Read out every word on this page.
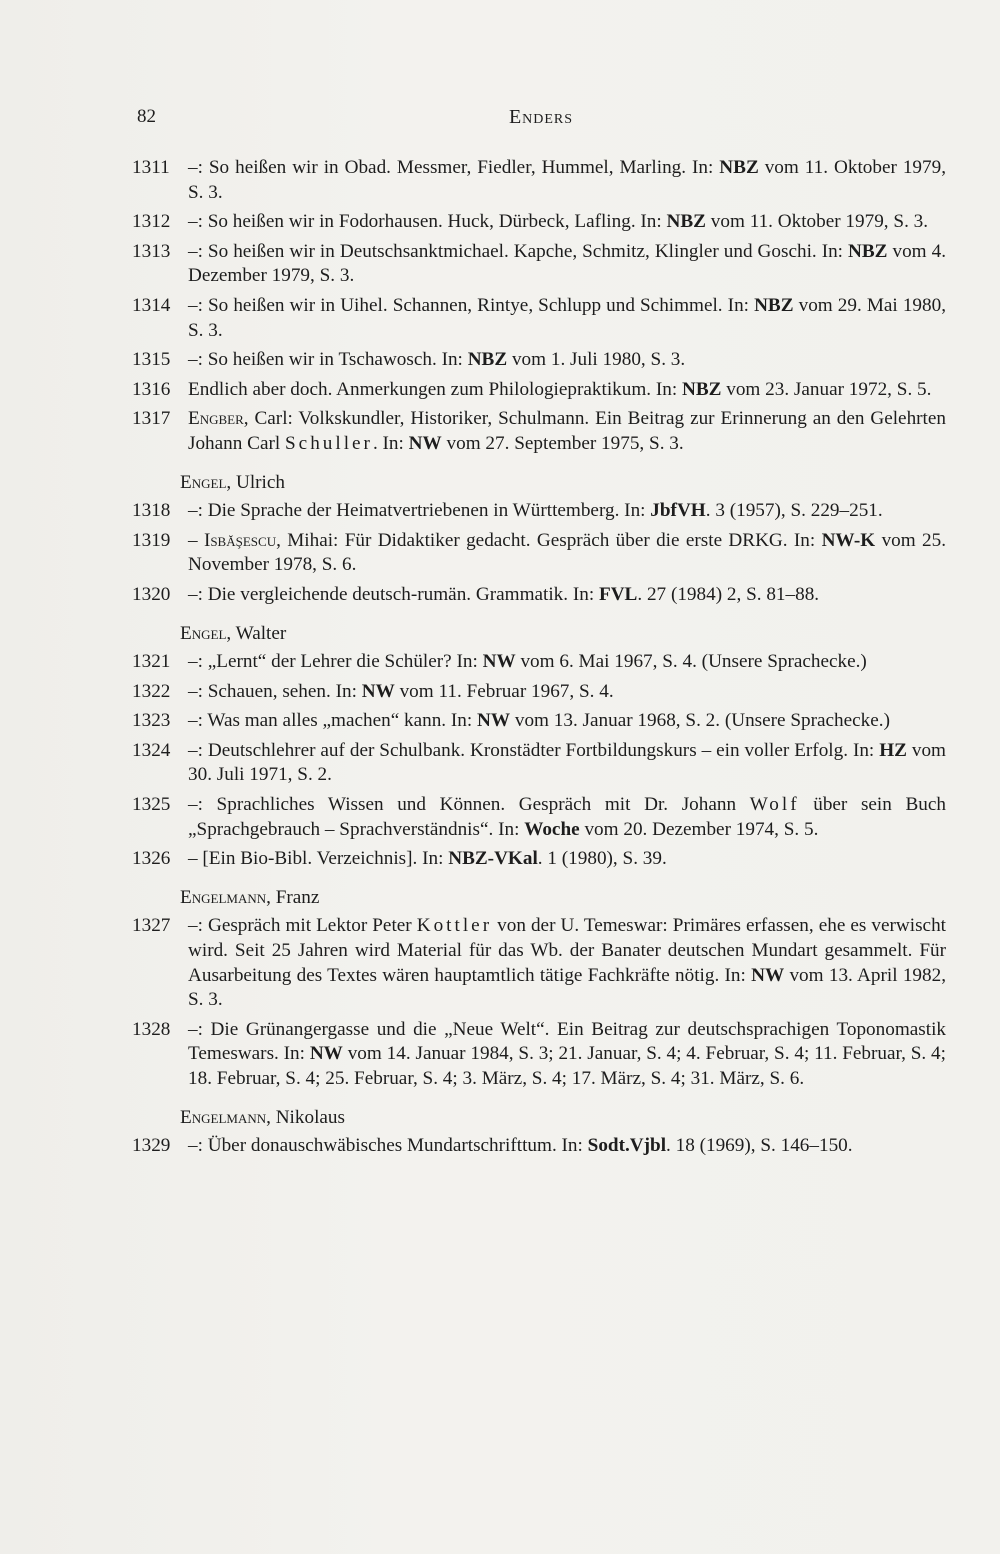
82	Enders
1311 –: So heißen wir in Obad. Messmer, Fiedler, Hummel, Marling. In: NBZ vom 11. Oktober 1979, S. 3.
1312 –: So heißen wir in Fodorhausen. Huck, Dürbeck, Lafling. In: NBZ vom 11. Oktober 1979, S. 3.
1313 –: So heißen wir in Deutschsanktmichael. Kapche, Schmitz, Klingler und Goschi. In: NBZ vom 4. Dezember 1979, S. 3.
1314 –: So heißen wir in Uihel. Schannen, Rintye, Schlupp und Schimmel. In: NBZ vom 29. Mai 1980, S. 3.
1315 –: So heißen wir in Tschawosch. In: NBZ vom 1. Juli 1980, S. 3.
1316 Endlich aber doch. Anmerkungen zum Philologiepraktikum. In: NBZ vom 23. Januar 1972, S. 5.
1317 Engber, Carl: Volkskundler, Historiker, Schulmann. Ein Beitrag zur Erinnerung an den Gelehrten Johann Carl Schuller. In: NW vom 27. September 1975, S. 3.
Engel, Ulrich
1318 –: Die Sprache der Heimatvertriebenen in Württemberg. In: JbfVH. 3 (1957), S. 229–251.
1319 – Isbăşescu, Mihai: Für Didaktiker gedacht. Gespräch über die erste DRKG. In: NW-K vom 25. November 1978, S. 6.
1320 –: Die vergleichende deutsch-rumän. Grammatik. In: FVL. 27 (1984) 2, S. 81–88.
Engel, Walter
1321 –: „Lernt“ der Lehrer die Schüler? In: NW vom 6. Mai 1967, S. 4. (Unsere Sprachecke.)
1322 –: Schauen, sehen. In: NW vom 11. Februar 1967, S. 4.
1323 –: Was man alles „machen“ kann. In: NW vom 13. Januar 1968, S. 2. (Unsere Sprachecke.)
1324 –: Deutschlehrer auf der Schulbank. Kronstädter Fortbildungskurs – ein voller Erfolg. In: HZ vom 30. Juli 1971, S. 2.
1325 –: Sprachliches Wissen und Können. Gespräch mit Dr. Johann Wolf über sein Buch „Sprachgebrauch – Sprachverständnis“. In: Woche vom 20. Dezember 1974, S. 5.
1326 – [Ein Bio-Bibl. Verzeichnis]. In: NBZ-VKal. 1 (1980), S. 39.
Engelmann, Franz
1327 –: Gespräch mit Lektor Peter Kottler von der U. Temeswar: Primäres erfassen, ehe es verwischt wird. Seit 25 Jahren wird Material für das Wb. der Banater deutschen Mundart gesammelt. Für Ausarbeitung des Textes wären hauptamtlich tätige Fachkräfte nötig. In: NW vom 13. April 1982, S. 3.
1328 –: Die Grünangergasse und die „Neue Welt“. Ein Beitrag zur deutschsprachigen Toponomastik Temeswars. In: NW vom 14. Januar 1984, S. 3; 21. Januar, S. 4; 4. Februar, S. 4; 11. Februar, S. 4; 18. Februar, S. 4; 25. Februar, S. 4; 3. März, S. 4; 17. März, S. 4; 31. März, S. 6.
Engelmann, Nikolaus
1329 –: Über donauschwäbisches Mundartschrifttum. In: Sodt.Vjbl. 18 (1969), S. 146–150.
